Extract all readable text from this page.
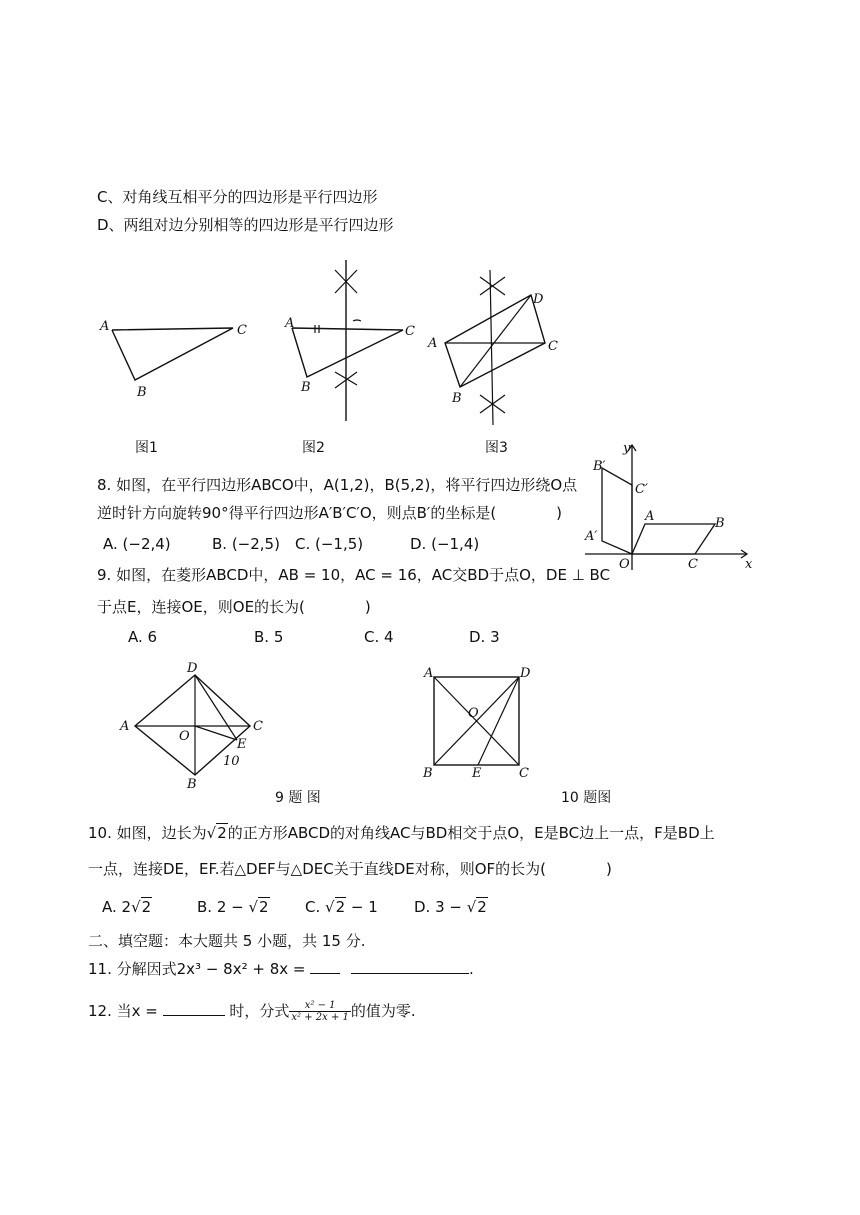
C、对角线互相平分的四边形是平行四边形
D、两组对边分别相等的四边形是平行四边形
A	C
B
图1
A
C
B
图2
A
D
C
B
图3
8. 如图，在平行四边形ABCO中，A(1,2)，B(5,2)，将平行四边形绕O点
逆时针方向旋转90°得平行四边形A′B′C′O，则点B′的坐标是(　　　　)
A. (−2,4)	B. (−2,5) C. (−1,5)	D. (−1,4)
y
x
O
A	B
C
A′
B′
C′
9. 如图，在菱形ABCD中，AB = 10，AC = 16，AC交BD于点O，DE ⊥ BC
于点E，连接OE，则OE的长为(　　　　)
A. 6	B. 5	C. 4	D. 3
D
A	C
O
E
B
10
9 题 图
A	D
O
B	E	C
10 题图
10. 如图，边长为√2的正方形ABCD的对角线AC与BD相交于点O，E是BC边上一点，F是BD上
一点，连接DE，EF.若△DEF与△DEC关于直线DE对称，则OF的长为(　　　　)
A. 2√2	B. 2 − √2 C. √2 − 1 D. 3 − √2
二、填空题：本大题共 5 小题，共 15 分.
11. 分解因式2x³ − 8x² + 8x =	.
12. 当x =	时，分式 $\frac{\text{x² − 1}}{\text{x² + 2x + 1}}$ 的值为零.
